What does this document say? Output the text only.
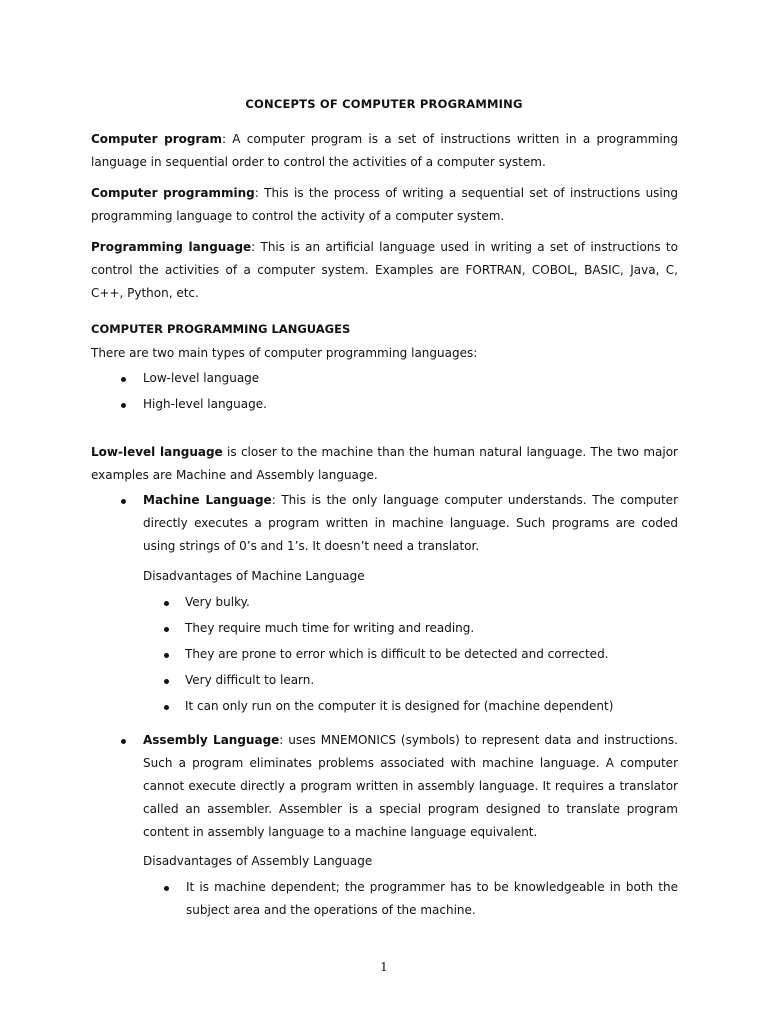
CONCEPTS OF COMPUTER PROGRAMMING

Computer program: A computer program is a set of instructions written in a programming language in sequential order to control the activities of a computer system.

Computer programming: This is the process of writing a sequential set of instructions using programming language to control the activity of a computer system.

Programming language: This is an artificial language used in writing a set of instructions to control the activities of a computer system. Examples are FORTRAN, COBOL, BASIC, Java, C, C++, Python, etc.

COMPUTER PROGRAMMING LANGUAGES

There are two main types of computer programming languages:

Low-level language

High-level language.

Low-level language is closer to the machine than the human natural language. The two major examples are Machine and Assembly language.

Machine Language: This is the only language computer understands. The computer directly executes a program written in machine language. Such programs are coded using strings of 0’s and 1’s. It doesn’t need a translator.

Disadvantages of Machine Language

Very bulky.

They require much time for writing and reading.

They are prone to error which is difficult to be detected and corrected.

Very difficult to learn.

It can only run on the computer it is designed for (machine dependent)

Assembly Language: uses MNEMONICS (symbols) to represent data and instructions. Such a program eliminates problems associated with machine language. A computer cannot execute directly a program written in assembly language. It requires a translator called an assembler. Assembler is a special program designed to translate program content in assembly language to a machine language equivalent.

Disadvantages of Assembly Language

It is machine dependent; the programmer has to be knowledgeable in both the subject area and the operations of the machine.

1
